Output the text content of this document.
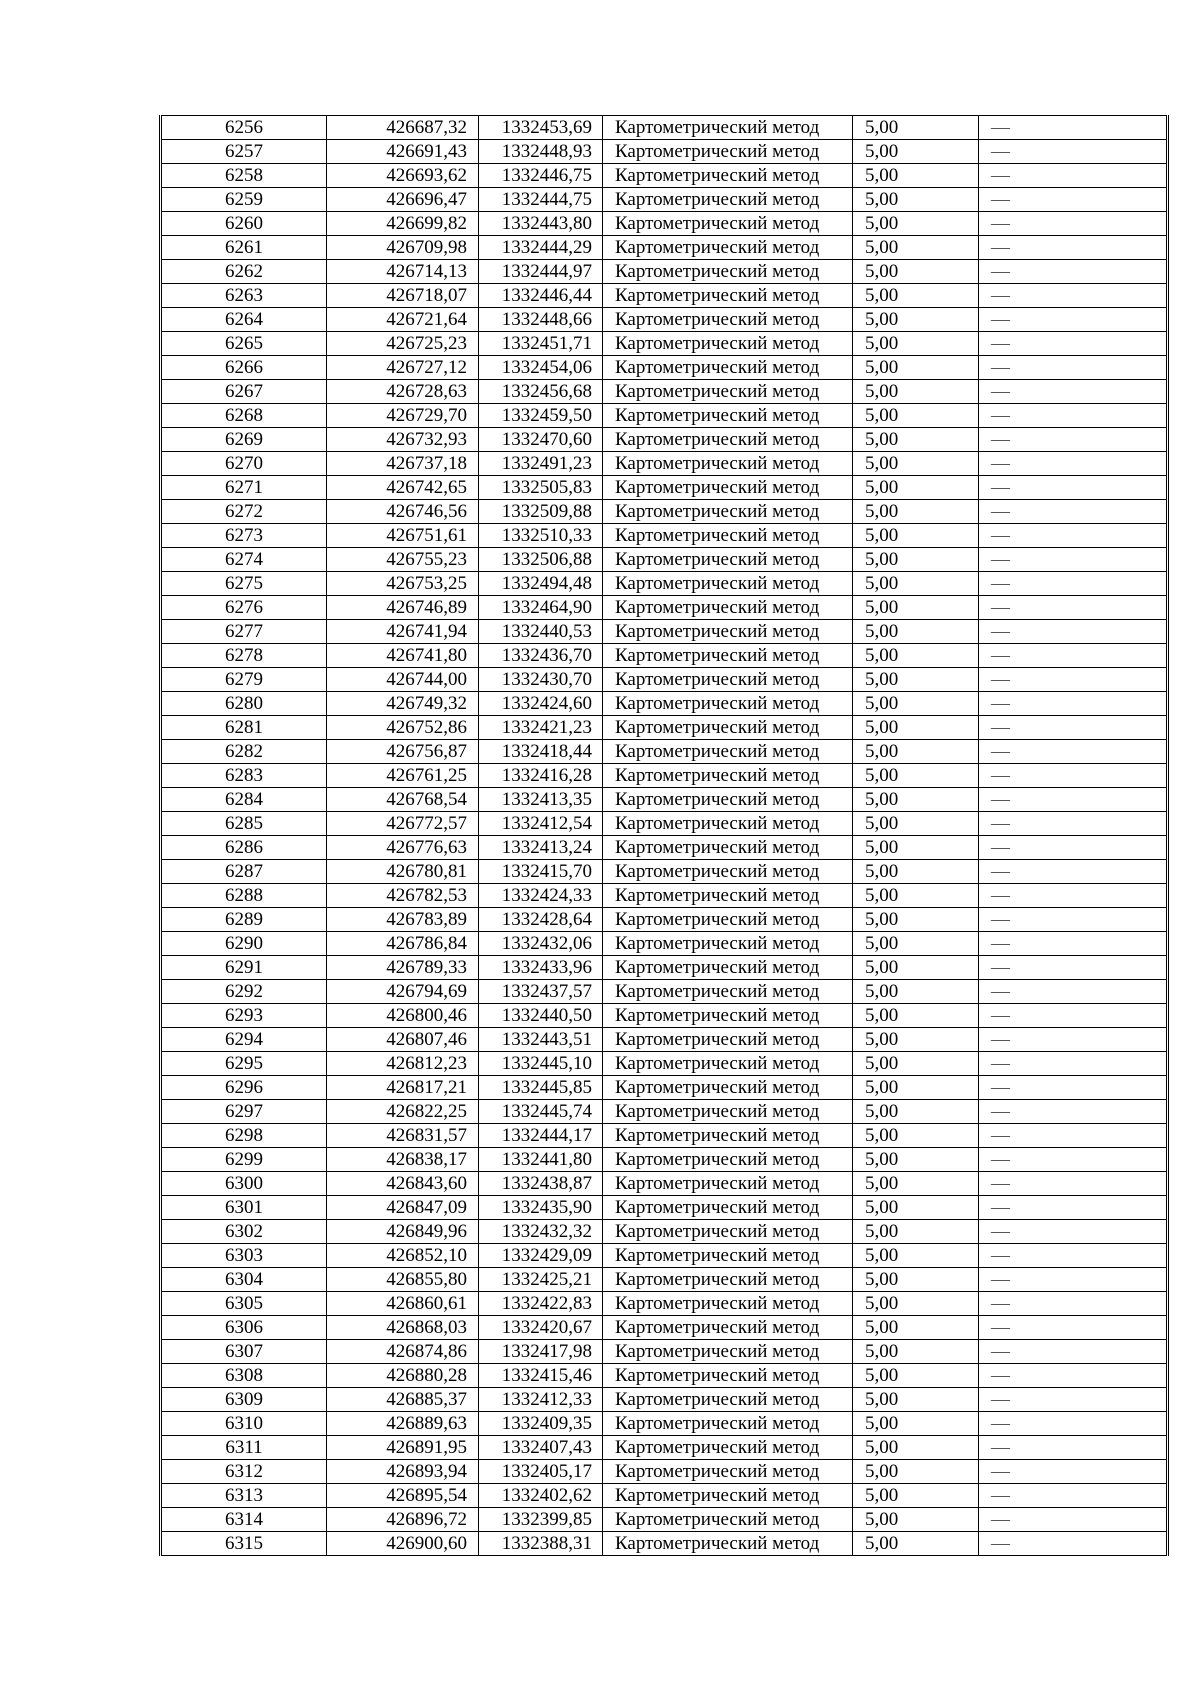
6256	426687,32	1332453,69	Картометрический метод	5,00	—
6257	426691,43	1332448,93	Картометрический метод	5,00	—
6258	426693,62	1332446,75	Картометрический метод	5,00	—
6259	426696,47	1332444,75	Картометрический метод	5,00	—
6260	426699,82	1332443,80	Картометрический метод	5,00	—
6261	426709,98	1332444,29	Картометрический метод	5,00	—
6262	426714,13	1332444,97	Картометрический метод	5,00	—
6263	426718,07	1332446,44	Картометрический метод	5,00	—
6264	426721,64	1332448,66	Картометрический метод	5,00	—
6265	426725,23	1332451,71	Картометрический метод	5,00	—
6266	426727,12	1332454,06	Картометрический метод	5,00	—
6267	426728,63	1332456,68	Картометрический метод	5,00	—
6268	426729,70	1332459,50	Картометрический метод	5,00	—
6269	426732,93	1332470,60	Картометрический метод	5,00	—
6270	426737,18	1332491,23	Картометрический метод	5,00	—
6271	426742,65	1332505,83	Картометрический метод	5,00	—
6272	426746,56	1332509,88	Картометрический метод	5,00	—
6273	426751,61	1332510,33	Картометрический метод	5,00	—
6274	426755,23	1332506,88	Картометрический метод	5,00	—
6275	426753,25	1332494,48	Картометрический метод	5,00	—
6276	426746,89	1332464,90	Картометрический метод	5,00	—
6277	426741,94	1332440,53	Картометрический метод	5,00	—
6278	426741,80	1332436,70	Картометрический метод	5,00	—
6279	426744,00	1332430,70	Картометрический метод	5,00	—
6280	426749,32	1332424,60	Картометрический метод	5,00	—
6281	426752,86	1332421,23	Картометрический метод	5,00	—
6282	426756,87	1332418,44	Картометрический метод	5,00	—
6283	426761,25	1332416,28	Картометрический метод	5,00	—
6284	426768,54	1332413,35	Картометрический метод	5,00	—
6285	426772,57	1332412,54	Картометрический метод	5,00	—
6286	426776,63	1332413,24	Картометрический метод	5,00	—
6287	426780,81	1332415,70	Картометрический метод	5,00	—
6288	426782,53	1332424,33	Картометрический метод	5,00	—
6289	426783,89	1332428,64	Картометрический метод	5,00	—
6290	426786,84	1332432,06	Картометрический метод	5,00	—
6291	426789,33	1332433,96	Картометрический метод	5,00	—
6292	426794,69	1332437,57	Картометрический метод	5,00	—
6293	426800,46	1332440,50	Картометрический метод	5,00	—
6294	426807,46	1332443,51	Картометрический метод	5,00	—
6295	426812,23	1332445,10	Картометрический метод	5,00	—
6296	426817,21	1332445,85	Картометрический метод	5,00	—
6297	426822,25	1332445,74	Картометрический метод	5,00	—
6298	426831,57	1332444,17	Картометрический метод	5,00	—
6299	426838,17	1332441,80	Картометрический метод	5,00	—
6300	426843,60	1332438,87	Картометрический метод	5,00	—
6301	426847,09	1332435,90	Картометрический метод	5,00	—
6302	426849,96	1332432,32	Картометрический метод	5,00	—
6303	426852,10	1332429,09	Картометрический метод	5,00	—
6304	426855,80	1332425,21	Картометрический метод	5,00	—
6305	426860,61	1332422,83	Картометрический метод	5,00	—
6306	426868,03	1332420,67	Картометрический метод	5,00	—
6307	426874,86	1332417,98	Картометрический метод	5,00	—
6308	426880,28	1332415,46	Картометрический метод	5,00	—
6309	426885,37	1332412,33	Картометрический метод	5,00	—
6310	426889,63	1332409,35	Картометрический метод	5,00	—
6311	426891,95	1332407,43	Картометрический метод	5,00	—
6312	426893,94	1332405,17	Картометрический метод	5,00	—
6313	426895,54	1332402,62	Картометрический метод	5,00	—
6314	426896,72	1332399,85	Картометрический метод	5,00	—
6315	426900,60	1332388,31	Картометрический метод	5,00	—
